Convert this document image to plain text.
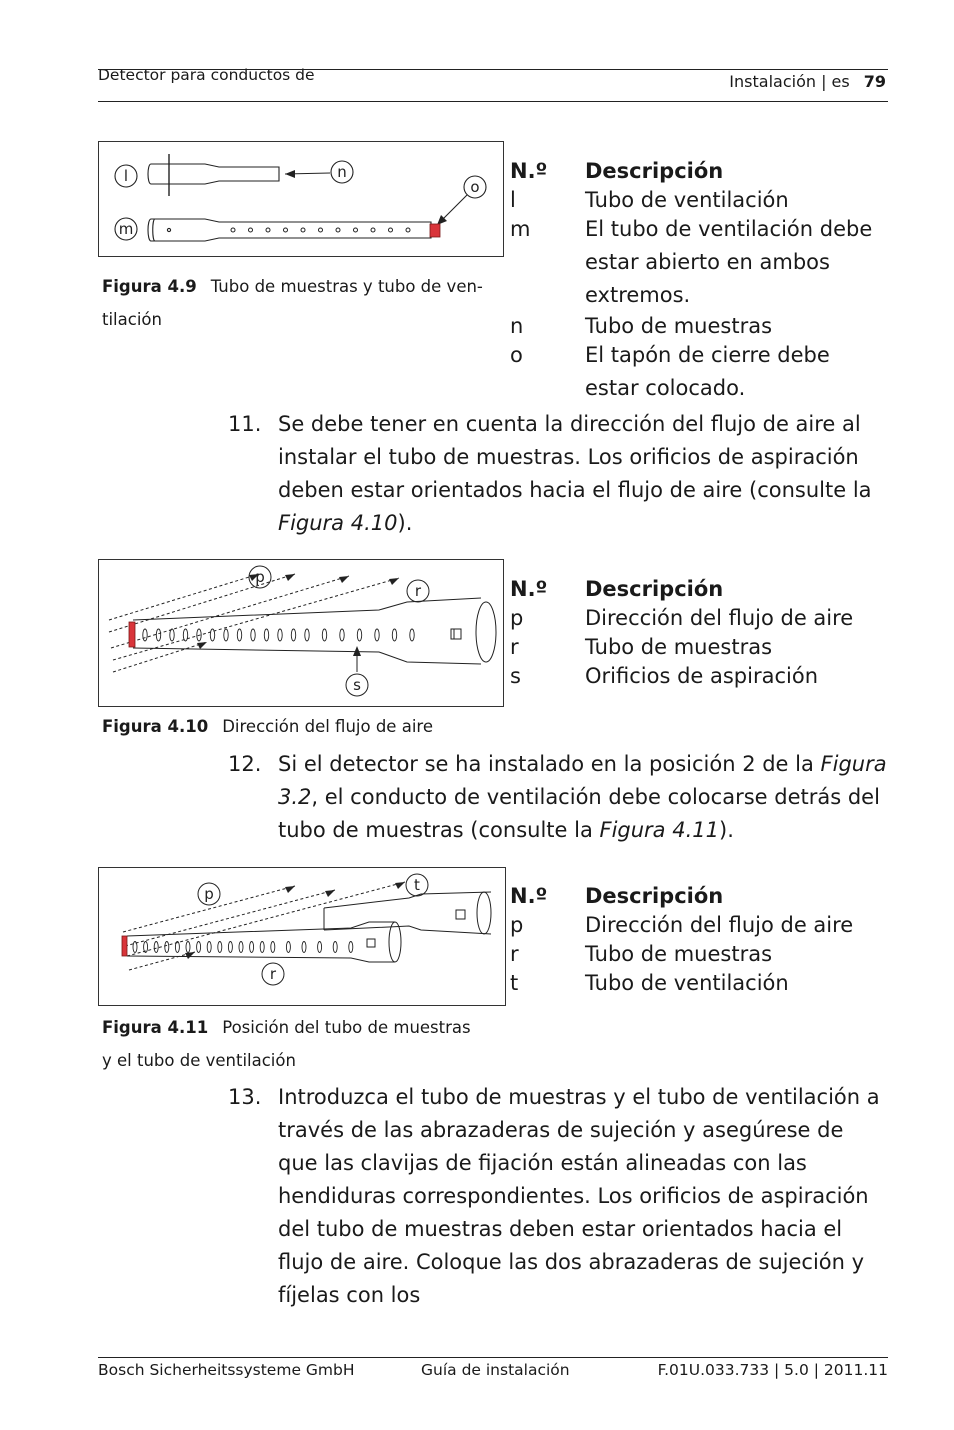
Detector para conductos de	Instalación | es 79
l	n
m
o
Figura 4.9 Tubo de muestras y tubo de ven-
tilación
N.º	Descripción
l	Tubo de ventilación
m	El tubo de ventilación debe estar abierto en ambos extremos.
n	Tubo de muestras
o	El tapón de cierre debe estar colocado.
11. Se debe tener en cuenta la dirección del flujo de aire al instalar el tubo de muestras. Los orificios de aspiración deben estar orientados hacia el flujo de aire (consulte la Figura 4.10).
p
r
s
Figura 4.10 Dirección del flujo de aire
N.º	Descripción
p	Dirección del flujo de aire
r	Tubo de muestras
s	Orificios de aspiración
12. Si el detector se ha instalado en la posición 2 de la Figura 3.2, el conducto de ventilación debe colocarse detrás del tubo de muestras (consulte la Figura 4.11).
p	t
r
Figura 4.11 Posición del tubo de muestras
y el tubo de ventilación
N.º	Descripción
p	Dirección del flujo de aire
r	Tubo de muestras
t	Tubo de ventilación
13. Introduzca el tubo de muestras y el tubo de ventilación a través de las abrazaderas de sujeción y asegúrese de que las clavijas de fijación están alineadas con las hendiduras correspondientes. Los orificios de aspiración del tubo de muestras deben estar orientados hacia el flujo de aire. Coloque las dos abrazaderas de sujeción y fíjelas con los
Bosch Sicherheitssysteme GmbH	Guía de instalación	F.01U.033.733 | 5.0 | 2011.11
